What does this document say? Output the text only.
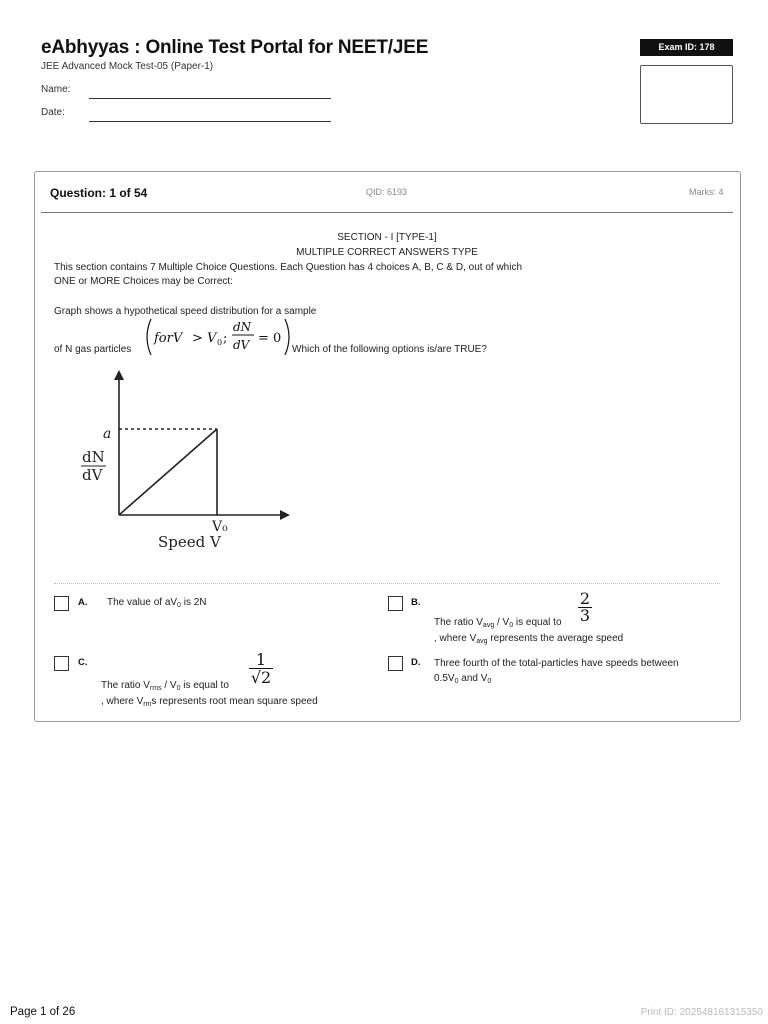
eAbhyyas : Online Test Portal for NEET/JEE
JEE Advanced Mock Test-05 (Paper-1)
Name:
Date:
Exam ID: 178
Question: 1 of 54	QID: 6193	Marks: 4
SECTION - I [TYPE-1]
MULTIPLE CORRECT ANSWERS TYPE
This section contains 7 Multiple Choice Questions. Each Question has 4 choices A, B, C & D, out of which
ONE or MORE Choices may be Correct:
Graph shows a hypothetical speed distribution for a sample
of N gas particles
forV > V 0 ;
dN
dV = 0
Which of the following options is/are TRUE?
a
dN
dV
V₀
Speed V
A. The value of $aV_0$ is 2N	B.	2
3
The ratio $V_{avg} / V_0$ is equal to
, where $V_{avg}$ represents the average speed
C.	1
√2
The ratio $V_{rms} / V_0$ is equal to
, where $V_{rm}s$ represents root mean square speed
D. Three fourth of the total-particles have speeds between
$0.5V_0$ and $V_0$
Page 1 of 26	Print ID: 202548161315350
